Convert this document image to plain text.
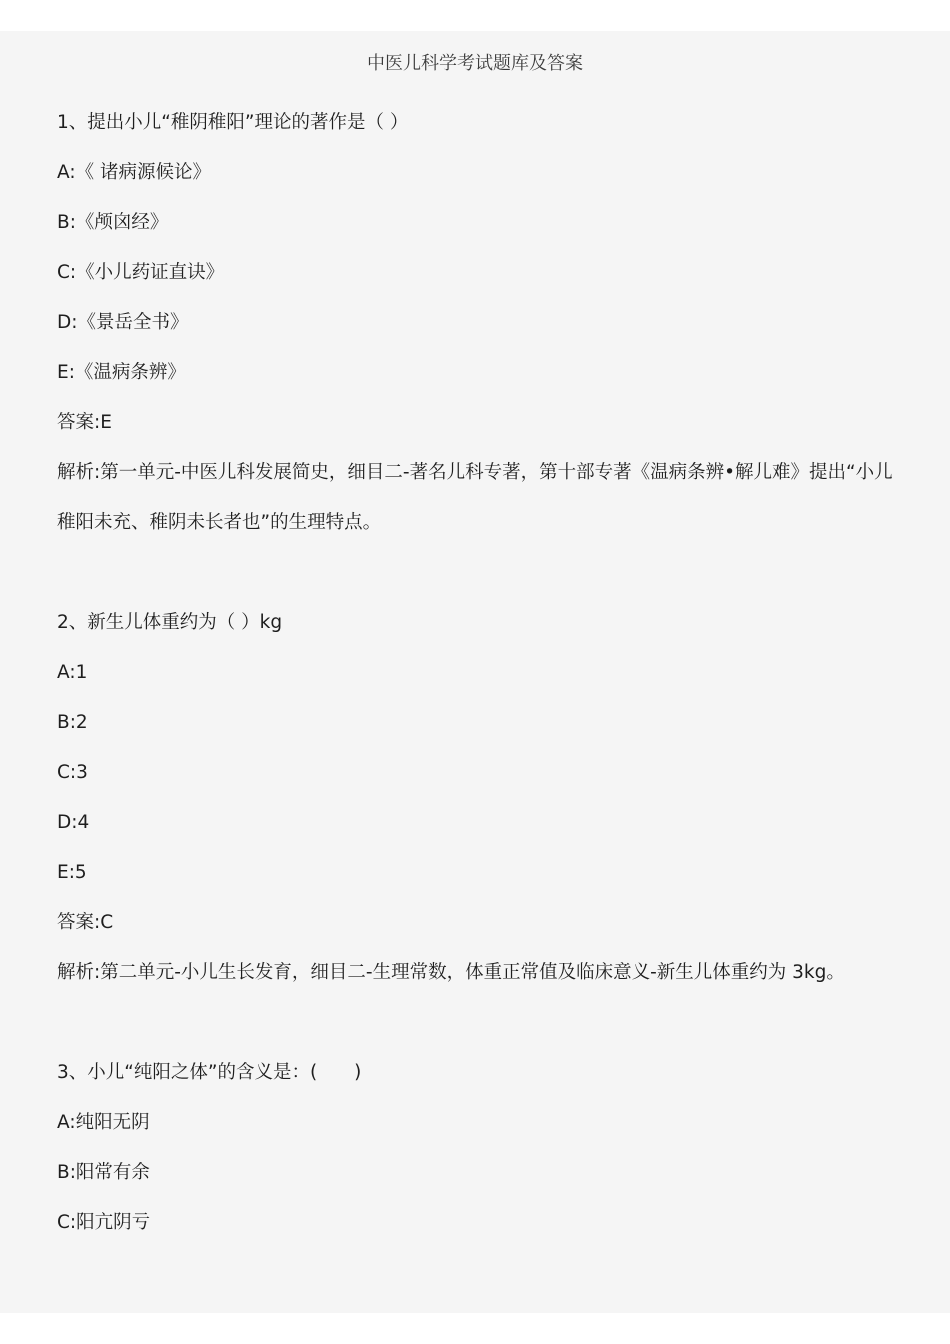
中医儿科学考试题库及答案
1、提出小儿“稚阴稚阳”理论的著作是（ ）
A:《 诸病源候论》
B:《颅囟经》
C:《小儿药证直诀》
D:《景岳全书》
E:《温病条辨》
答案:E
解析:第一单元-中医儿科发展简史，细目二-著名儿科专著，第十部专著《温病条辨•解儿难》提出“小儿稚阳未充、稚阴未长者也”的生理特点。
2、新生儿体重约为（ ）kg
A:1
B:2
C:3
D:4
E:5
答案:C
解析:第二单元-小儿生长发育，细目二-生理常数，体重正常值及临床意义-新生儿体重约为 3kg。
3、小儿“纯阳之体”的含义是：(　　)
A:纯阳无阴
B:阳常有余
C:阳亢阴亏
